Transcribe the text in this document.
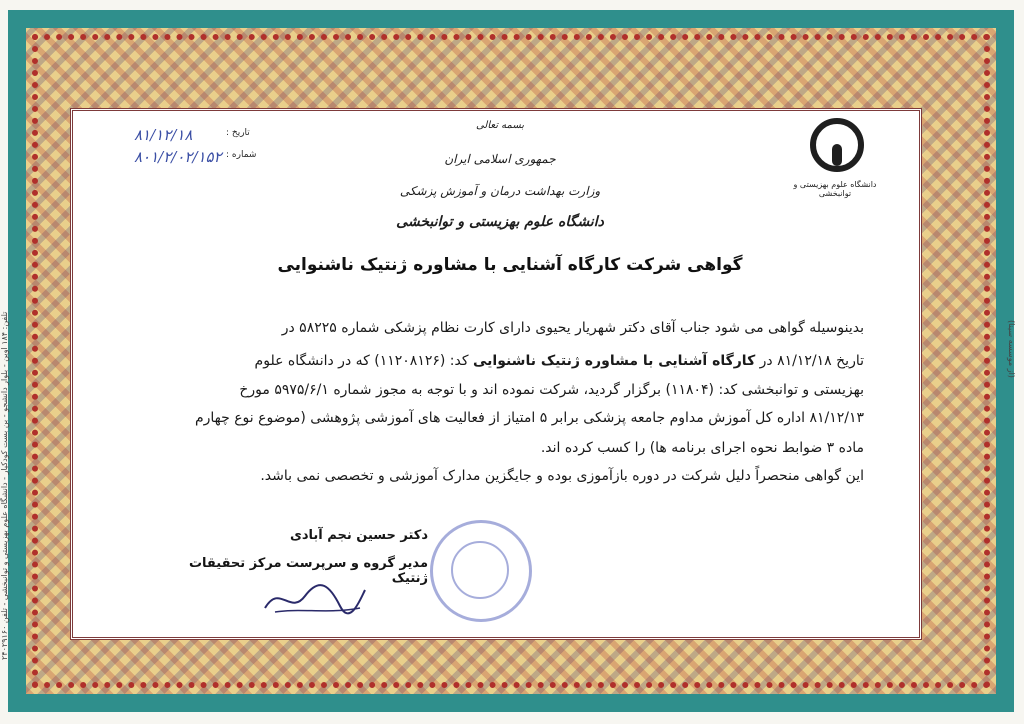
۸۱/۱۲/۱۸	تاریخ :
۸۰۱/۲/۰۲/۱۵۲ شماره :
دانشگاه علوم بهزیستی و توانبخشی
بسمه تعالی
جمهوری اسلامی ایران
وزارت بهداشت درمان و آموزش پزشکی
دانشگاه علوم بهزیستی و توانبخشی
گواهی شرکت کارگاه آشنایی با مشاوره ژنتیک ناشنوایی
بدینوسیله گواهی می شود جناب آقای دکتر شهریار یحیوی دارای کارت نظام پزشکی شماره ۵۸۲۲۵ در
تاریخ ۸۱/۱۲/۱۸ در کارگاه آشنایی با مشاوره ژنتیک ناشنوایی کد: (۱۱۲۰۸۱۲۶) که در دانشگاه علوم
بهزیستی و توانبخشی کد: (۱۱۸۰۴) برگزار گردید، شرکت نموده اند و با توجه به مجوز شماره ۵۹۷۵/۶/۱ مورخ
۸۱/۱۲/۱۳ اداره کل آموزش مداوم جامعه پزشکی برابر ۵ امتیاز از فعالیت های آموزشی پژوهشی (موضوع نوع چهارم
ماده ۳ ضوابط نحوه اجرای برنامه ها) را کسب کرده اند.
این گواهی منحصراً دلیل شرکت در دوره بازآموزی بوده و جایگزین مدارک آموزشی و تخصصی نمی باشد.
دکتر حسین نجم آبادی
مدیر گروه و سرپرست مرکز تحقیقات ژنتیک
تلفن: ۱۸۴ اوین - بلوار دانشجو - بن بست کودکیار - دانشگاه علوم بهزیستی و توانبخشی - تلفن ۲۴۰۲۹۱۶۰	(از موسسه سینا)
